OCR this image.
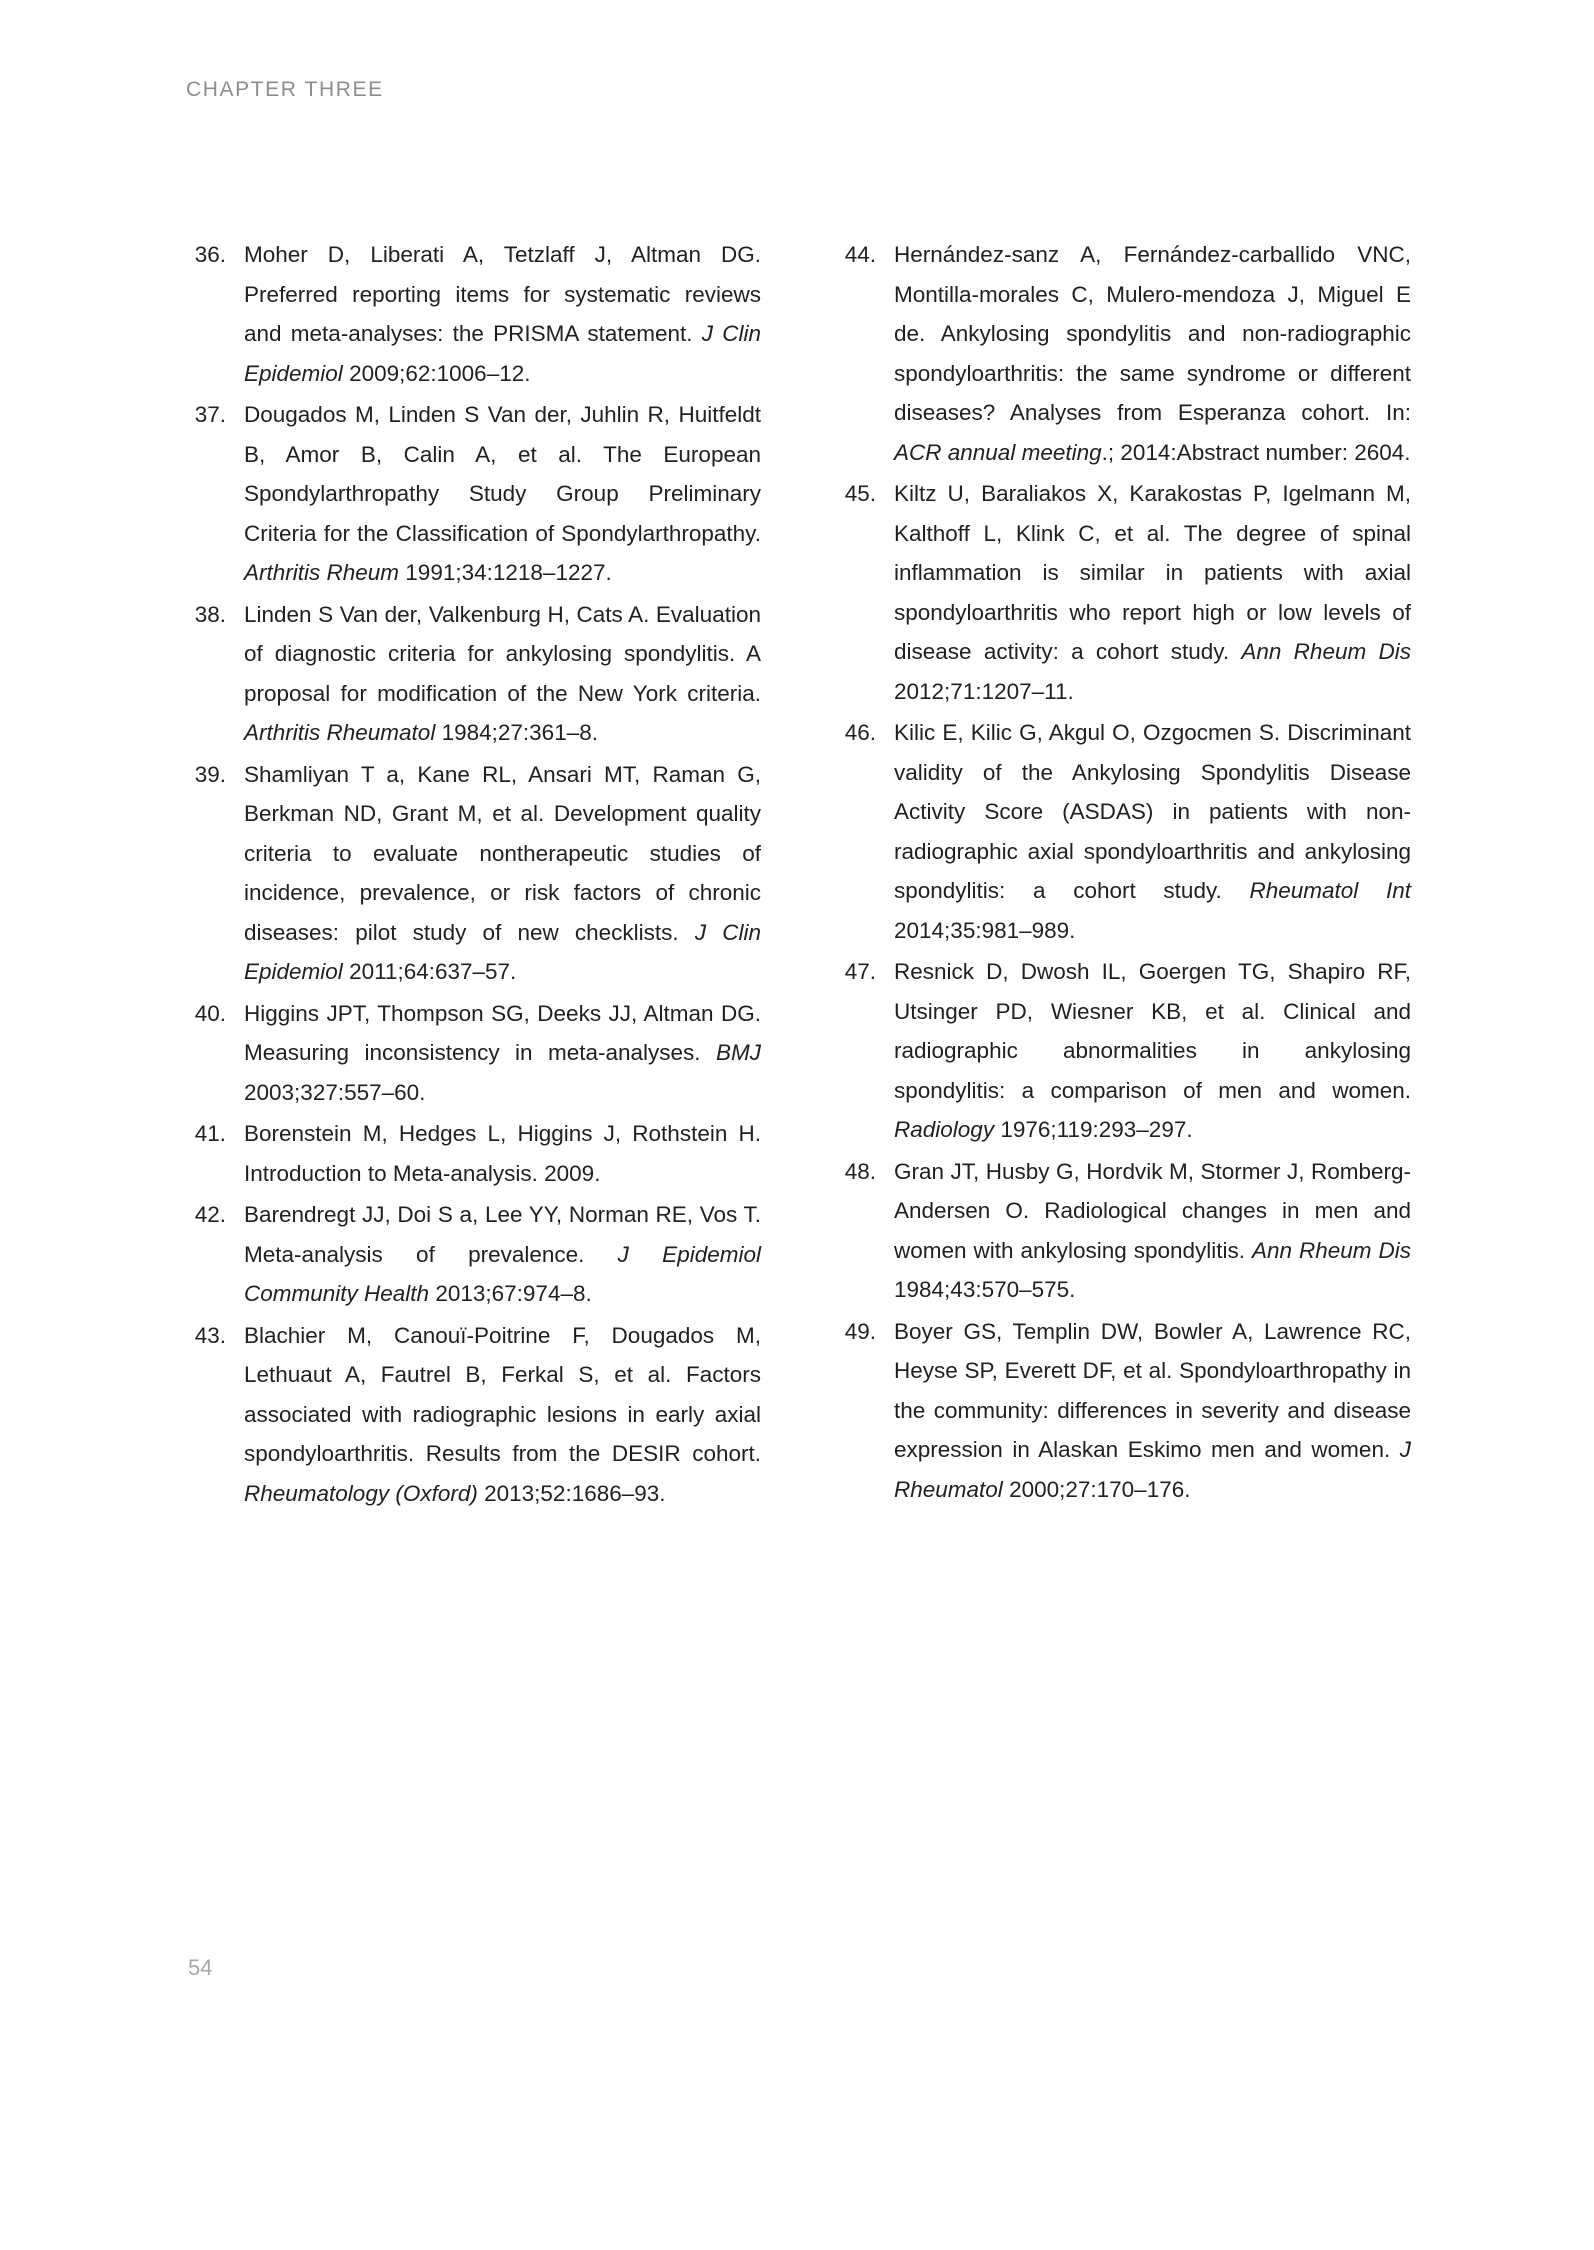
CHAPTER THREE
36. Moher D, Liberati A, Tetzlaff J, Altman DG. Preferred reporting items for systematic reviews and meta-analyses: the PRISMA statement. J Clin Epidemiol 2009;62:1006–12.
37. Dougados M, Linden S Van der, Juhlin R, Huitfeldt B, Amor B, Calin A, et al. The European Spondylarthropathy Study Group Preliminary Criteria for the Classification of Spondylarthropathy. Arthritis Rheum 1991;34:1218–1227.
38. Linden S Van der, Valkenburg H, Cats A. Evaluation of diagnostic criteria for ankylosing spondylitis. A proposal for modification of the New York criteria. Arthritis Rheumatol 1984;27:361–8.
39. Shamliyan T a, Kane RL, Ansari MT, Raman G, Berkman ND, Grant M, et al. Development quality criteria to evaluate nontherapeutic studies of incidence, prevalence, or risk factors of chronic diseases: pilot study of new checklists. J Clin Epidemiol 2011;64:637–57.
40. Higgins JPT, Thompson SG, Deeks JJ, Altman DG. Measuring inconsistency in meta-analyses. BMJ 2003;327:557–60.
41. Borenstein M, Hedges L, Higgins J, Rothstein H. Introduction to Meta-analysis. 2009.
42. Barendregt JJ, Doi S a, Lee YY, Norman RE, Vos T. Meta-analysis of prevalence. J Epidemiol Community Health 2013;67:974–8.
43. Blachier M, Canouï-Poitrine F, Dougados M, Lethuaut A, Fautrel B, Ferkal S, et al. Factors associated with radiographic lesions in early axial spondyloarthritis. Results from the DESIR cohort. Rheumatology (Oxford) 2013;52:1686–93.
44. Hernández-sanz A, Fernández-carballido VNC, Montilla-morales C, Mulero-mendoza J, Miguel E de. Ankylosing spondylitis and non-radiographic spondyloarthritis: the same syndrome or different diseases? Analyses from Esperanza cohort. In: ACR annual meeting.; 2014:Abstract number: 2604.
45. Kiltz U, Baraliakos X, Karakostas P, Igelmann M, Kalthoff L, Klink C, et al. The degree of spinal inflammation is similar in patients with axial spondyloarthritis who report high or low levels of disease activity: a cohort study. Ann Rheum Dis 2012;71:1207–11.
46. Kilic E, Kilic G, Akgul O, Ozgocmen S. Discriminant validity of the Ankylosing Spondylitis Disease Activity Score (ASDAS) in patients with non-radiographic axial spondyloarthritis and ankylosing spondylitis: a cohort study. Rheumatol Int 2014;35:981–989.
47. Resnick D, Dwosh IL, Goergen TG, Shapiro RF, Utsinger PD, Wiesner KB, et al. Clinical and radiographic abnormalities in ankylosing spondylitis: a comparison of men and women. Radiology 1976;119:293–297.
48. Gran JT, Husby G, Hordvik M, Stormer J, Romberg-Andersen O. Radiological changes in men and women with ankylosing spondylitis. Ann Rheum Dis 1984;43:570–575.
49. Boyer GS, Templin DW, Bowler A, Lawrence RC, Heyse SP, Everett DF, et al. Spondyloarthropathy in the community: differences in severity and disease expression in Alaskan Eskimo men and women. J Rheumatol 2000;27:170–176.
54
